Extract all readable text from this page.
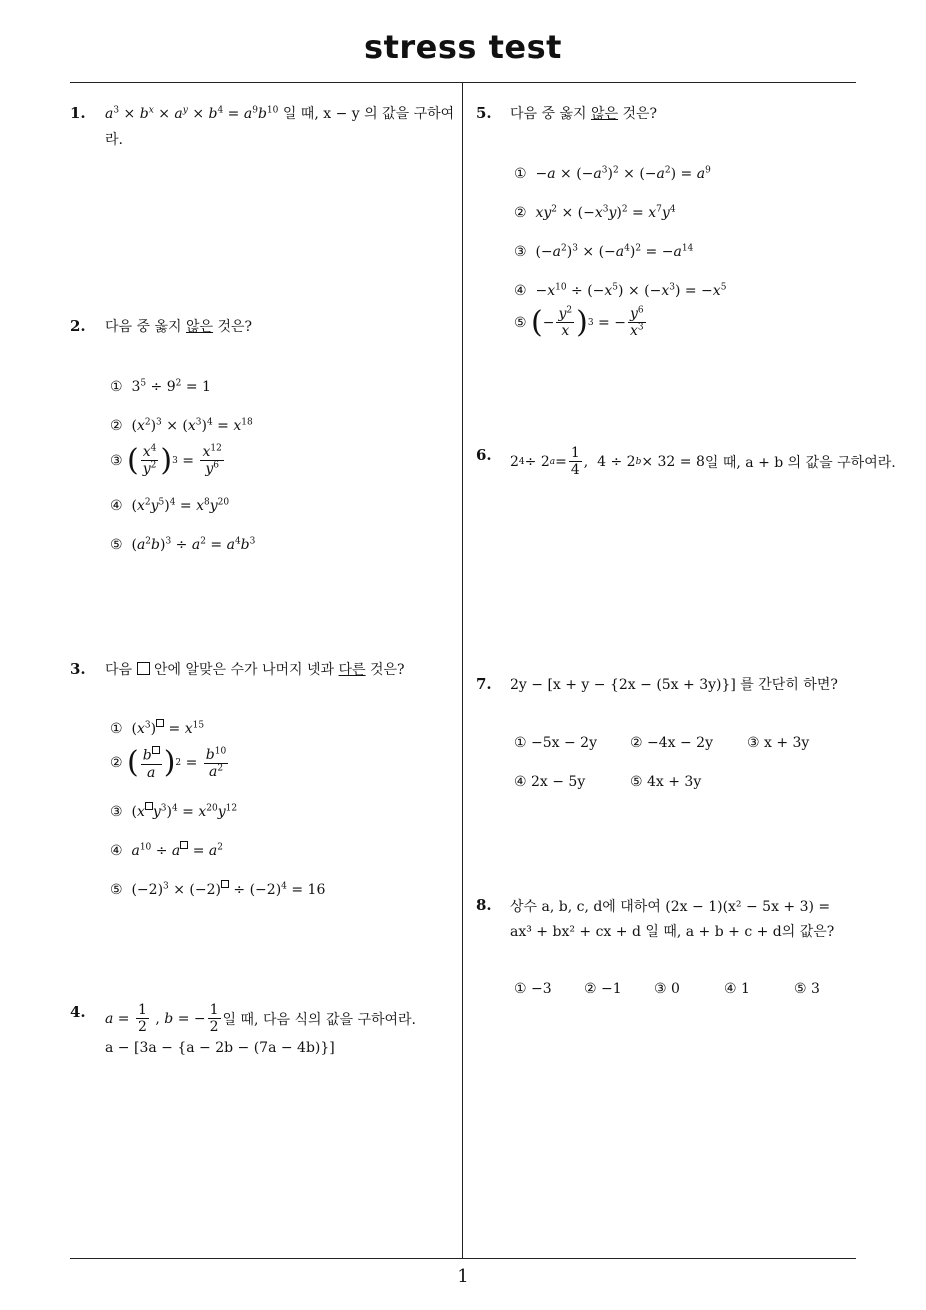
stress test
1
1. $a^3 \times b^x \times a^y \times b^4 = a^9b^{10}$ 일 때, x − y 의 값을 구하여라.
2. 다음 중 옳지 않은 것은?
①  $3^5 \div 9^2 = 1$
②  $(x^2)^3 \times (x^3)^4 = x^{18}$
③
( $\frac{x^4}{y^2}$ ) $3 = \frac{x^{12}}{y^6}$
④  $(x^2y^5)^4 = x^8y^{20}$
⑤  $(a^2b)^3 \div a^2 = a^4b^3$
3. 다음  안에 알맞은 수가 나머지 넷과 다른 것은?
①  $(x^3) = x^{15}$
②
( $\frac{b}{a}$ ) $2 = \frac{b^{10}}{a^2}$
③  (x $y^3)^4 = x^{20}y^{12}$
④ $a^{10} \div a = a^2$
⑤  $(-2)^3 \times (-2) \div (-2)^4 = 16$
4. $a = \frac{1}{2}$ , b = − $\frac{1}{2}$ 일 때, 다음 식의 값을 구하여라.
a − [3a − {a − 2b − (7a − 4b)}]
5. 다음 중 옳지 않은 것은?
①  $-a \times (-a^3)^2 \times (-a^2) = a^9$
② $xy^2 \times (-x^3y)^2 = x^7y^4$
③  $(-a^2)^3 \times (-a^4)^2 = -a^{14}$
④  $-x^{10} \div (-x^5) \times (-x^3) = -x^5$
⑤
( − $\frac{y^2}{x}$ ) 3 = − $\frac{y^6}{x^3}$
6. 2 4 ÷ 2 $a = \frac{1}{4}$ ,  4 ÷ 2 b × 32 = 8 일 때, a + b 의 값을 구하여라.
7. 2y − [x + y − {2x − (5x + 3y)}] 를 간단히 하면?
① −5x − 2y ② −4x − 2y ③ x + 3y
④ 2x − 5y	⑤ 4x + 3y
8. 상수 a, b, c, d에 대하여 (2x − 1)(x² − 5x + 3) =
ax³ + bx² + cx + d 일 때, a + b + c + d의 값은?
① −3 ② −1 ③ 0	④ 1	⑤ 3
